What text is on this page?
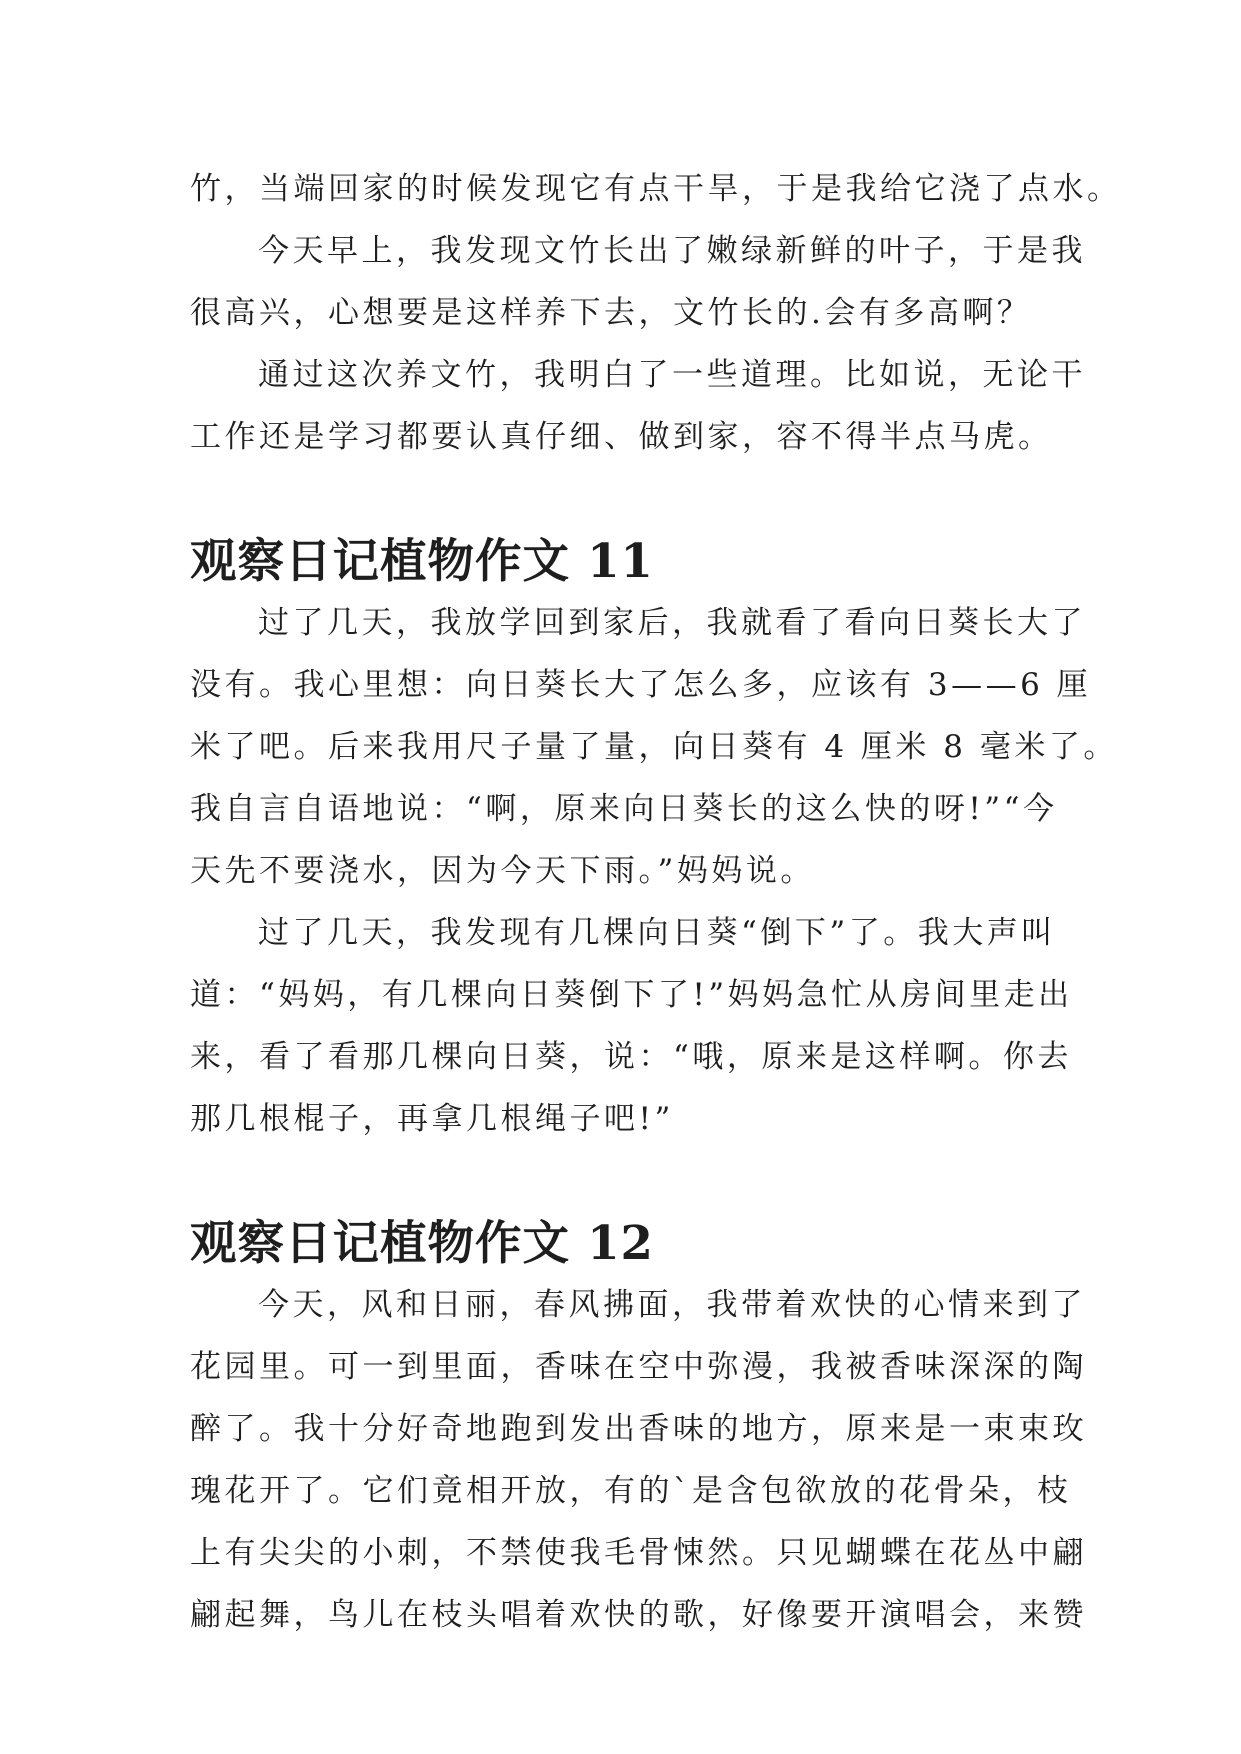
竹，当端回家的时候发现它有点干旱，于是我给它浇了点水。

今天早上，我发现文竹长出了嫩绿新鲜的叶子，于是我
很高兴，心想要是这样养下去，文竹长的.会有多高啊？

通过这次养文竹，我明白了一些道理。比如说，无论干
工作还是学习都要认真仔细、做到家，容不得半点马虎。

观察日记植物作文 11

过了几天，我放学回到家后，我就看了看向日葵长大了
没有。我心里想：向日葵长大了怎么多，应该有 3——6 厘
米了吧。后来我用尺子量了量，向日葵有 4 厘米 8 毫米了。
我自言自语地说：“啊，原来向日葵长的这么快的呀!”“今
天先不要浇水，因为今天下雨。”妈妈说。

过了几天，我发现有几棵向日葵“倒下”了。我大声叫
道：“妈妈，有几棵向日葵倒下了!”妈妈急忙从房间里走出
来，看了看那几棵向日葵，说：“哦，原来是这样啊。你去
那几根棍子，再拿几根绳子吧!”

观察日记植物作文 12

今天，风和日丽，春风拂面，我带着欢快的心情来到了
花园里。可一到里面，香味在空中弥漫，我被香味深深的陶
醉了。我十分好奇地跑到发出香味的地方，原来是一束束玫
瑰花开了。它们竟相开放，有的`是含包欲放的花骨朵，枝
上有尖尖的小刺，不禁使我毛骨悚然。只见蝴蝶在花丛中翩
翩起舞，鸟儿在枝头唱着欢快的歌，好像要开演唱会，来赞
